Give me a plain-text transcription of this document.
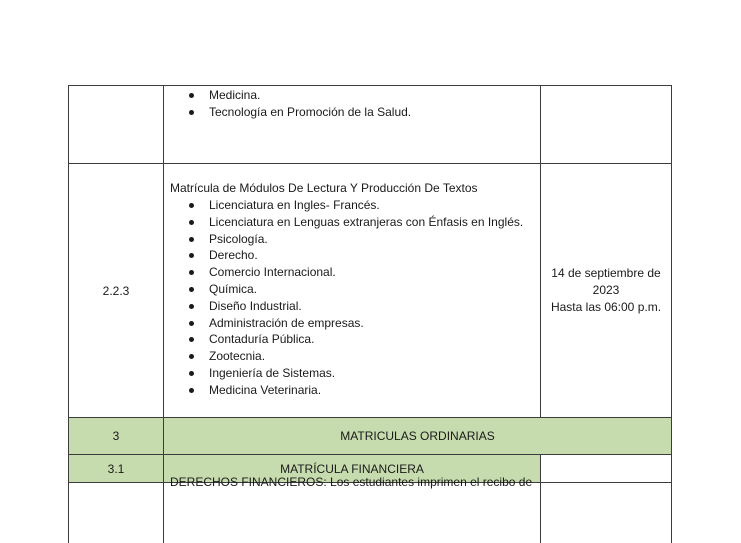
Medicina.
Tecnología en Promoción de la Salud.
2.2.3
Matrícula de Módulos De Lectura Y Producción De Textos
Licenciatura en Ingles- Francés.
Licenciatura en Lenguas extranjeras con Énfasis en Inglés.
Psicología.
Derecho.
Comercio Internacional.
Química.
Diseño Industrial.
Administración de empresas.
Contaduría Pública.
Zootecnia.
Ingeniería de Sistemas.
Medicina Veterinaria.
14 de septiembre de
2023
Hasta las 06:00 p.m.
3	MATRICULAS ORDINARIAS
3.1	MATRÍCULA FINANCIERA
DERECHOS FINANCIEROS: Los estudiantes imprimen el recibo de
